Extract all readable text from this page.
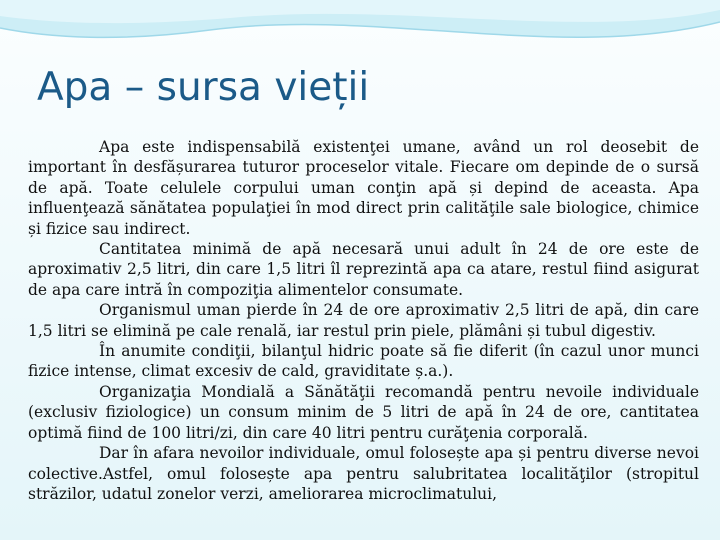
Apa – sursa vieții

Apa este indispensabilă existenţei umane, având un rol deosebit de important în desfășurarea tuturor proceselor vitale. Fiecare om depinde de o sursă de apă. Toate celulele corpului uman conţin apă și depind de aceasta. Apa influenţează sănătatea populaţiei în mod direct prin calităţile sale biologice, chimice și fizice sau indirect.

Cantitatea minimă de apă necesară unui adult în 24 de ore este de aproximativ 2,5 litri, din care 1,5 litri îl reprezintă apa ca atare, restul fiind asigurat de apa care intră în compoziţia alimentelor consumate.

Organismul uman pierde în 24 de ore aproximativ 2,5 litri de apă, din care 1,5 litri se elimină pe cale renală, iar restul prin piele, plămâni și tubul digestiv.

În anumite condiţii, bilanţul hidric poate să fie diferit (în cazul unor munci fizice intense, climat excesiv de cald, graviditate ș.a.).

Organizaţia Mondială a Sănătăţii recomandă pentru nevoile individuale (exclusiv fiziologice) un consum minim de 5 litri de apă în 24 de ore, cantitatea optimă fiind de 100 litri/zi, din care 40 litri pentru curăţenia corporală.

Dar în afara nevoilor individuale, omul folosește apa și pentru diverse nevoi colective.Astfel, omul folosește apa pentru salubritatea localităţilor (stropitul străzilor, udatul zonelor verzi, ameliorarea microclimatului,
